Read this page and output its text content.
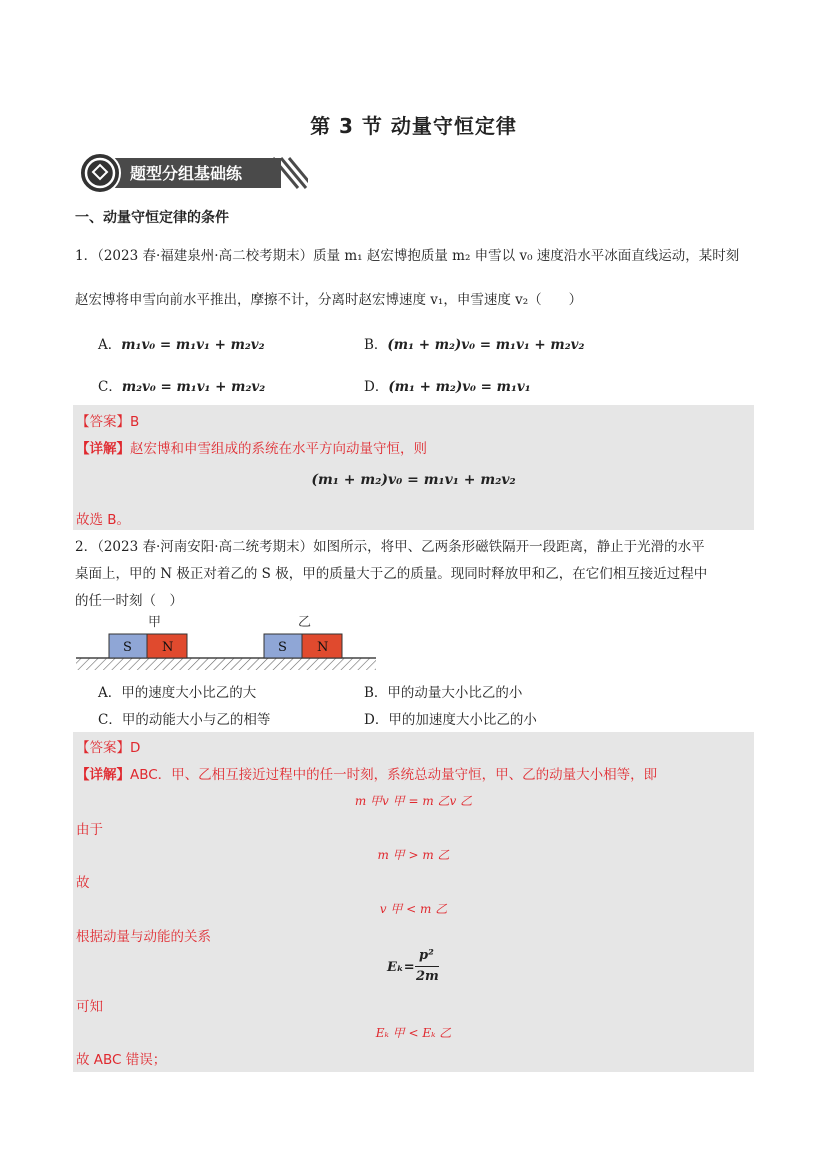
第 3 节 动量守恒定律
题型分组基础练
一、动量守恒定律的条件
1．（2023 春·福建泉州·高二校考期末）质量 m₁ 赵宏博抱质量 m₂ 申雪以 v₀ 速度沿水平冰面直线运动，某时刻
赵宏博将申雪向前水平推出，摩擦不计，分离时赵宏博速度 v₁，申雪速度 v₂（　　）
A．m₁v₀ = m₁v₁ + m₂v₂	B．(m₁ + m₂)v₀ = m₁v₁ + m₂v₂
C．m₂v₀ = m₁v₁ + m₂v₂	D．(m₁ + m₂)v₀ = m₁v₁
【答案】B
【详解】赵宏博和申雪组成的系统在水平方向动量守恒，则
(m₁ + m₂)v₀ = m₁v₁ + m₂v₂
故选 B。
2．（2023 春·河南安阳·高二统考期末）如图所示，将甲、乙两条形磁铁隔开一段距离，静止于光滑的水平
桌面上，甲的 N 极正对着乙的 S 极，甲的质量大于乙的质量。现同时释放甲和乙，在它们相互接近过程中
的任一时刻（　）
甲
S N
乙
S N
A．甲的速度大小比乙的大	B．甲的动量大小比乙的小
C．甲的动能大小与乙的相等	D．甲的加速度大小比乙的小
【答案】D
【详解】ABC．甲、乙相互接近过程中的任一时刻，系统总动量守恒，甲、乙的动量大小相等，即
m 甲v 甲 = m 乙v 乙
由于
m 甲 > m 乙
故
v 甲 < m 乙
根据动量与动能的关系
Eₖ=
p²
2m
可知
Eₖ 甲 < Eₖ 乙
故 ABC 错误；
